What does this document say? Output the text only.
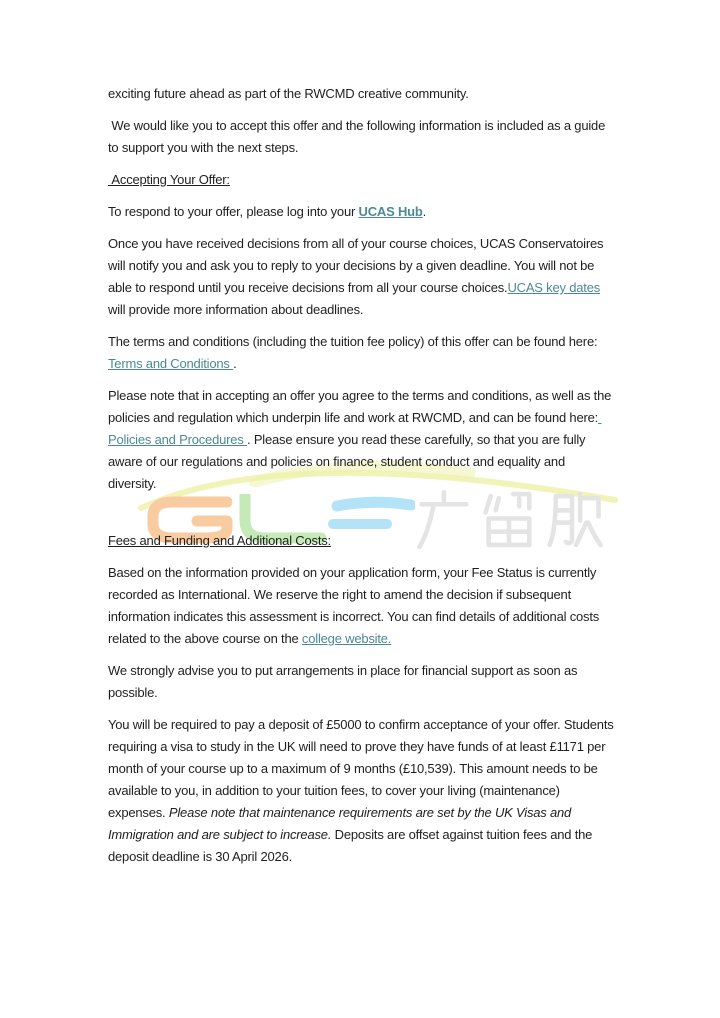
exciting future ahead as part of the RWCMD creative community.
We would like you to accept this offer and the following information is included as a guide to support you with the next steps.
Accepting Your Offer:
To respond to your offer, please log into your UCAS Hub.
Once you have received decisions from all of your course choices, UCAS Conservatoires will notify you and ask you to reply to your decisions by a given deadline. You will not be able to respond until you receive decisions from all your course choices.UCAS key dates will provide more information about deadlines.
The terms and conditions (including the tuition fee policy) of this offer can be found here: Terms and Conditions .
Please note that in accepting an offer you agree to the terms and conditions, as well as the policies and regulation which underpin life and work at RWCMD, and can be found here: Policies and Procedures . Please ensure you read these carefully, so that you are fully aware of our regulations and policies on finance, student conduct and equality and diversity.
Fees and Funding and Additional Costs:
Based on the information provided on your application form, your Fee Status is currently recorded as International. We reserve the right to amend the decision if subsequent information indicates this assessment is incorrect. You can find details of additional costs related to the above course on the college website.
We strongly advise you to put arrangements in place for financial support as soon as possible.
You will be required to pay a deposit of £5000 to confirm acceptance of your offer. Students requiring a visa to study in the UK will need to prove they have funds of at least £1171 per month of your course up to a maximum of 9 months (£10,539). This amount needs to be available to you, in addition to your tuition fees, to cover your living (maintenance) expenses. Please note that maintenance requirements are set by the UK Visas and Immigration and are subject to increase. Deposits are offset against tuition fees and the deposit deadline is 30 April 2026.
